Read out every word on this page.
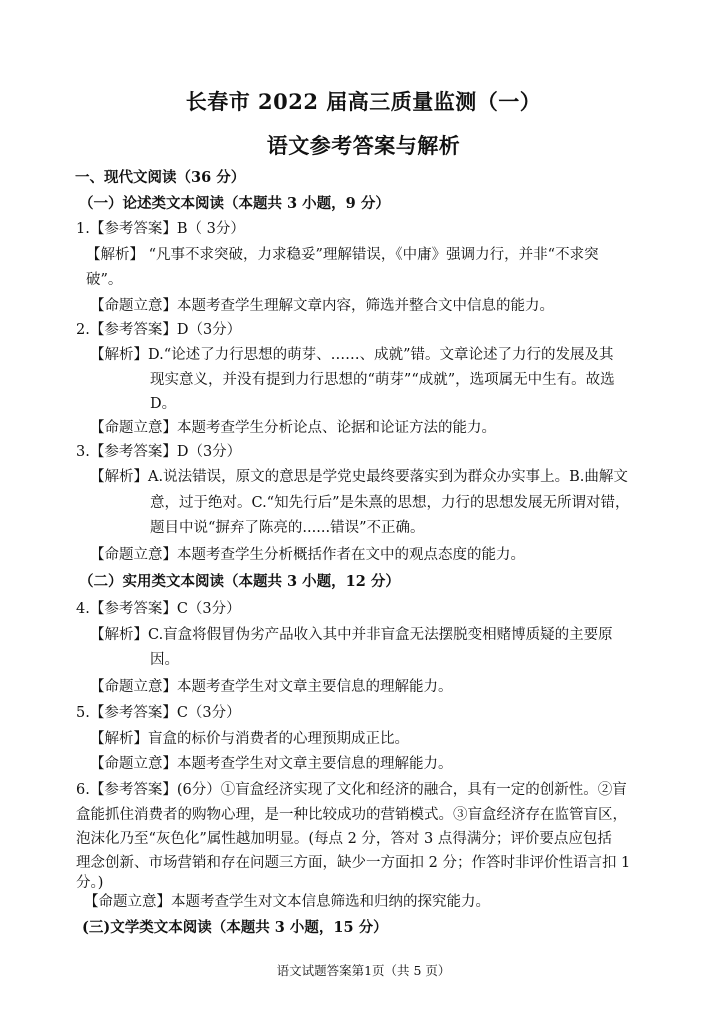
长春市 2022 届高三质量监测（一）
语文参考答案与解析
一、现代文阅读（36 分）
（一）论述类文本阅读（本题共 3 小题，9 分）
1.【参考答案】B（ 3分）
【解析】 “凡事不求突破，力求稳妥”理解错误，《中庸》强调力行，并非“不求突
破”。
【命题立意】本题考查学生理解文章内容，筛选并整合文中信息的能力。
2.【参考答案】D（3分）
【解析】D.“论述了力行思想的萌芽、……、成就”错。文章论述了力行的发展及其
现实意义，并没有提到力行思想的“萌芽”“成就”，选项属无中生有。故选
D。
【命题立意】本题考查学生分析论点、论据和论证方法的能力。
3.【参考答案】D（3分）
【解析】A.说法错误，原文的意思是学党史最终要落实到为群众办实事上。B.曲解文
意，过于绝对。C.“知先行后”是朱熹的思想，力行的思想发展无所谓对错，
题目中说“摒弃了陈亮的......错误”不正确。
【命题立意】本题考查学生分析概括作者在文中的观点态度的能力。
（二）实用类文本阅读（本题共 3 小题，12 分）
4.【参考答案】C（3分）
【解析】C.盲盒将假冒伪劣产品收入其中并非盲盒无法摆脱变相赌博质疑的主要原
因。
【命题立意】本题考查学生对文章主要信息的理解能力。
5.【参考答案】C（3分）
【解析】盲盒的标价与消费者的心理预期成正比。
【命题立意】本题考查学生对文章主要信息的理解能力。
6.【参考答案】(6分）①盲盒经济实现了文化和经济的融合，具有一定的创新性。②盲
盒能抓住消费者的购物心理，是一种比较成功的营销模式。③盲盒经济存在监管盲区，
泡沫化乃至“灰色化”属性越加明显。(每点 2 分，答对 3 点得满分；评价要点应包括
理念创新、市场营销和存在问题三方面，缺少一方面扣 2 分；作答时非评价性语言扣 1
分。)
【命题立意】本题考查学生对文本信息筛选和归纳的探究能力。
(三)文学类文本阅读（本题共 3 小题，15 分）
语文试题答案第1页（共 5 页）
